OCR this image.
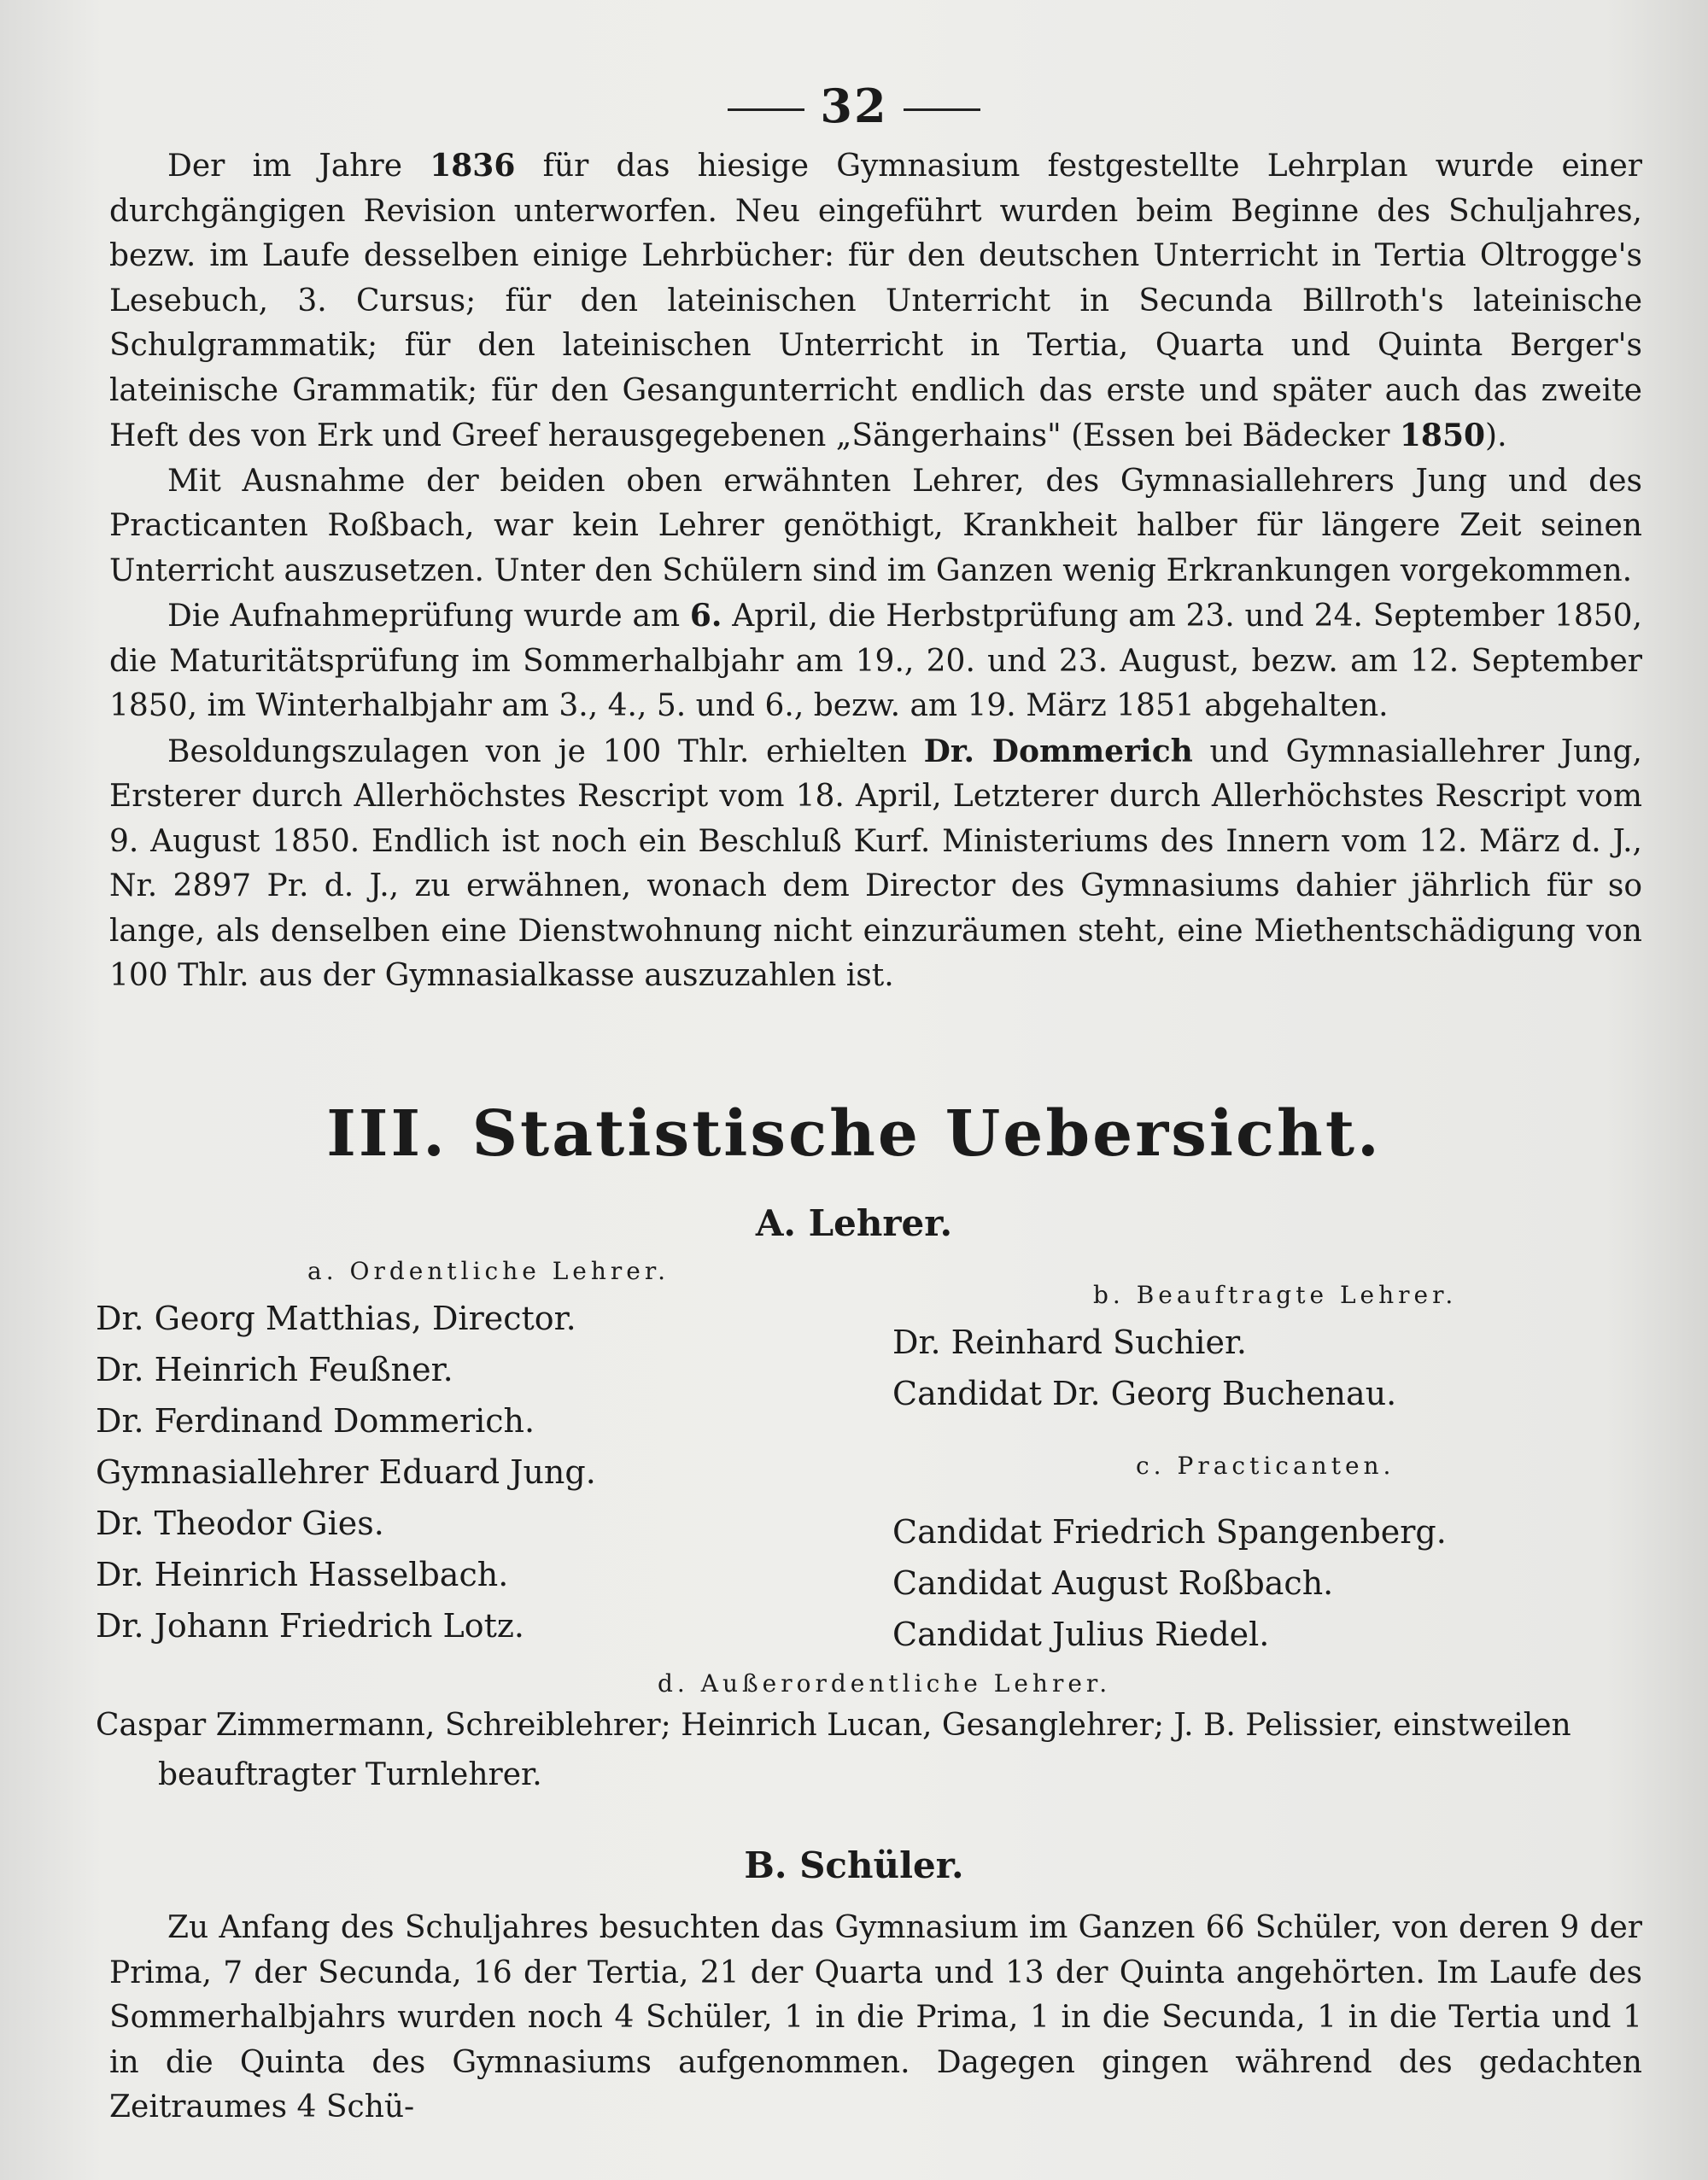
32

Der im Jahre 1836 für das hiesige Gymnasium festgestellte Lehrplan wurde einer durchgängigen Revision unterworfen. Neu eingeführt wurden beim Beginne des Schuljahres, bezw. im Laufe desselben einige Lehrbücher: für den deutschen Unterricht in Tertia Oltrogge's Lesebuch, 3. Cursus; für den lateinischen Unterricht in Secunda Billroth's lateinische Schulgrammatik; für den lateinischen Unterricht in Tertia, Quarta und Quinta Berger's lateinische Grammatik; für den Gesangunterricht endlich das erste und später auch das zweite Heft des von Erk und Greef herausgegebenen „Sängerhains" (Essen bei Bädecker 1850).

Mit Ausnahme der beiden oben erwähnten Lehrer, des Gymnasiallehrers Jung und des Practicanten Roßbach, war kein Lehrer genöthigt, Krankheit halber für längere Zeit seinen Unterricht auszusetzen. Unter den Schülern sind im Ganzen wenig Erkrankungen vorgekommen.

Die Aufnahmeprüfung wurde am 6. April, die Herbstprüfung am 23. und 24. September 1850, die Maturitätsprüfung im Sommerhalbjahr am 19., 20. und 23. August, bezw. am 12. September 1850, im Winterhalbjahr am 3., 4., 5. und 6., bezw. am 19. März 1851 abgehalten.

Besoldungszulagen von je 100 Thlr. erhielten Dr. Dommerich und Gymnasiallehrer Jung, Ersterer durch Allerhöchstes Rescript vom 18. April, Letzterer durch Allerhöchstes Rescript vom 9. August 1850. Endlich ist noch ein Beschluß Kurf. Ministeriums des Innern vom 12. März d. J., Nr. 2897 Pr. d. J., zu erwähnen, wonach dem Director des Gymnasiums dahier jährlich für so lange, als denselben eine Dienstwohnung nicht einzuräumen steht, eine Miethentschädigung von 100 Thlr. aus der Gymnasialkasse auszuzahlen ist.

III. Statistische Uebersicht.
A. Lehrer.
a. Ordentliche Lehrer.
b. Beauftragte Lehrer.
Dr. Georg Matthias, Director.
Dr. Heinrich Feußner.
Dr. Ferdinand Dommerich.
Gymnasiallehrer Eduard Jung.
Dr. Theodor Gies.
Dr. Heinrich Hasselbach.
Dr. Johann Friedrich Lotz.
Dr. Reinhard Suchier.
Candidat Dr. Georg Buchenau.
c. Practicanten.
Candidat Friedrich Spangenberg.
Candidat August Roßbach.
Candidat Julius Riedel.
d. Außerordentliche Lehrer.
Caspar Zimmermann, Schreiblehrer; Heinrich Lucan, Gesanglehrer; J. B. Pelissier, einstweilen
beauftragter Turnlehrer.
B. Schüler.

Zu Anfang des Schuljahres besuchten das Gymnasium im Ganzen 66 Schüler, von deren 9 der Prima, 7 der Secunda, 16 der Tertia, 21 der Quarta und 13 der Quinta angehörten. Im Laufe des Sommerhalbjahrs wurden noch 4 Schüler, 1 in die Prima, 1 in die Secunda, 1 in die Tertia und 1 in die Quinta des Gymnasiums aufgenommen. Dagegen gingen während des gedachten Zeitraumes 4 Schü-
